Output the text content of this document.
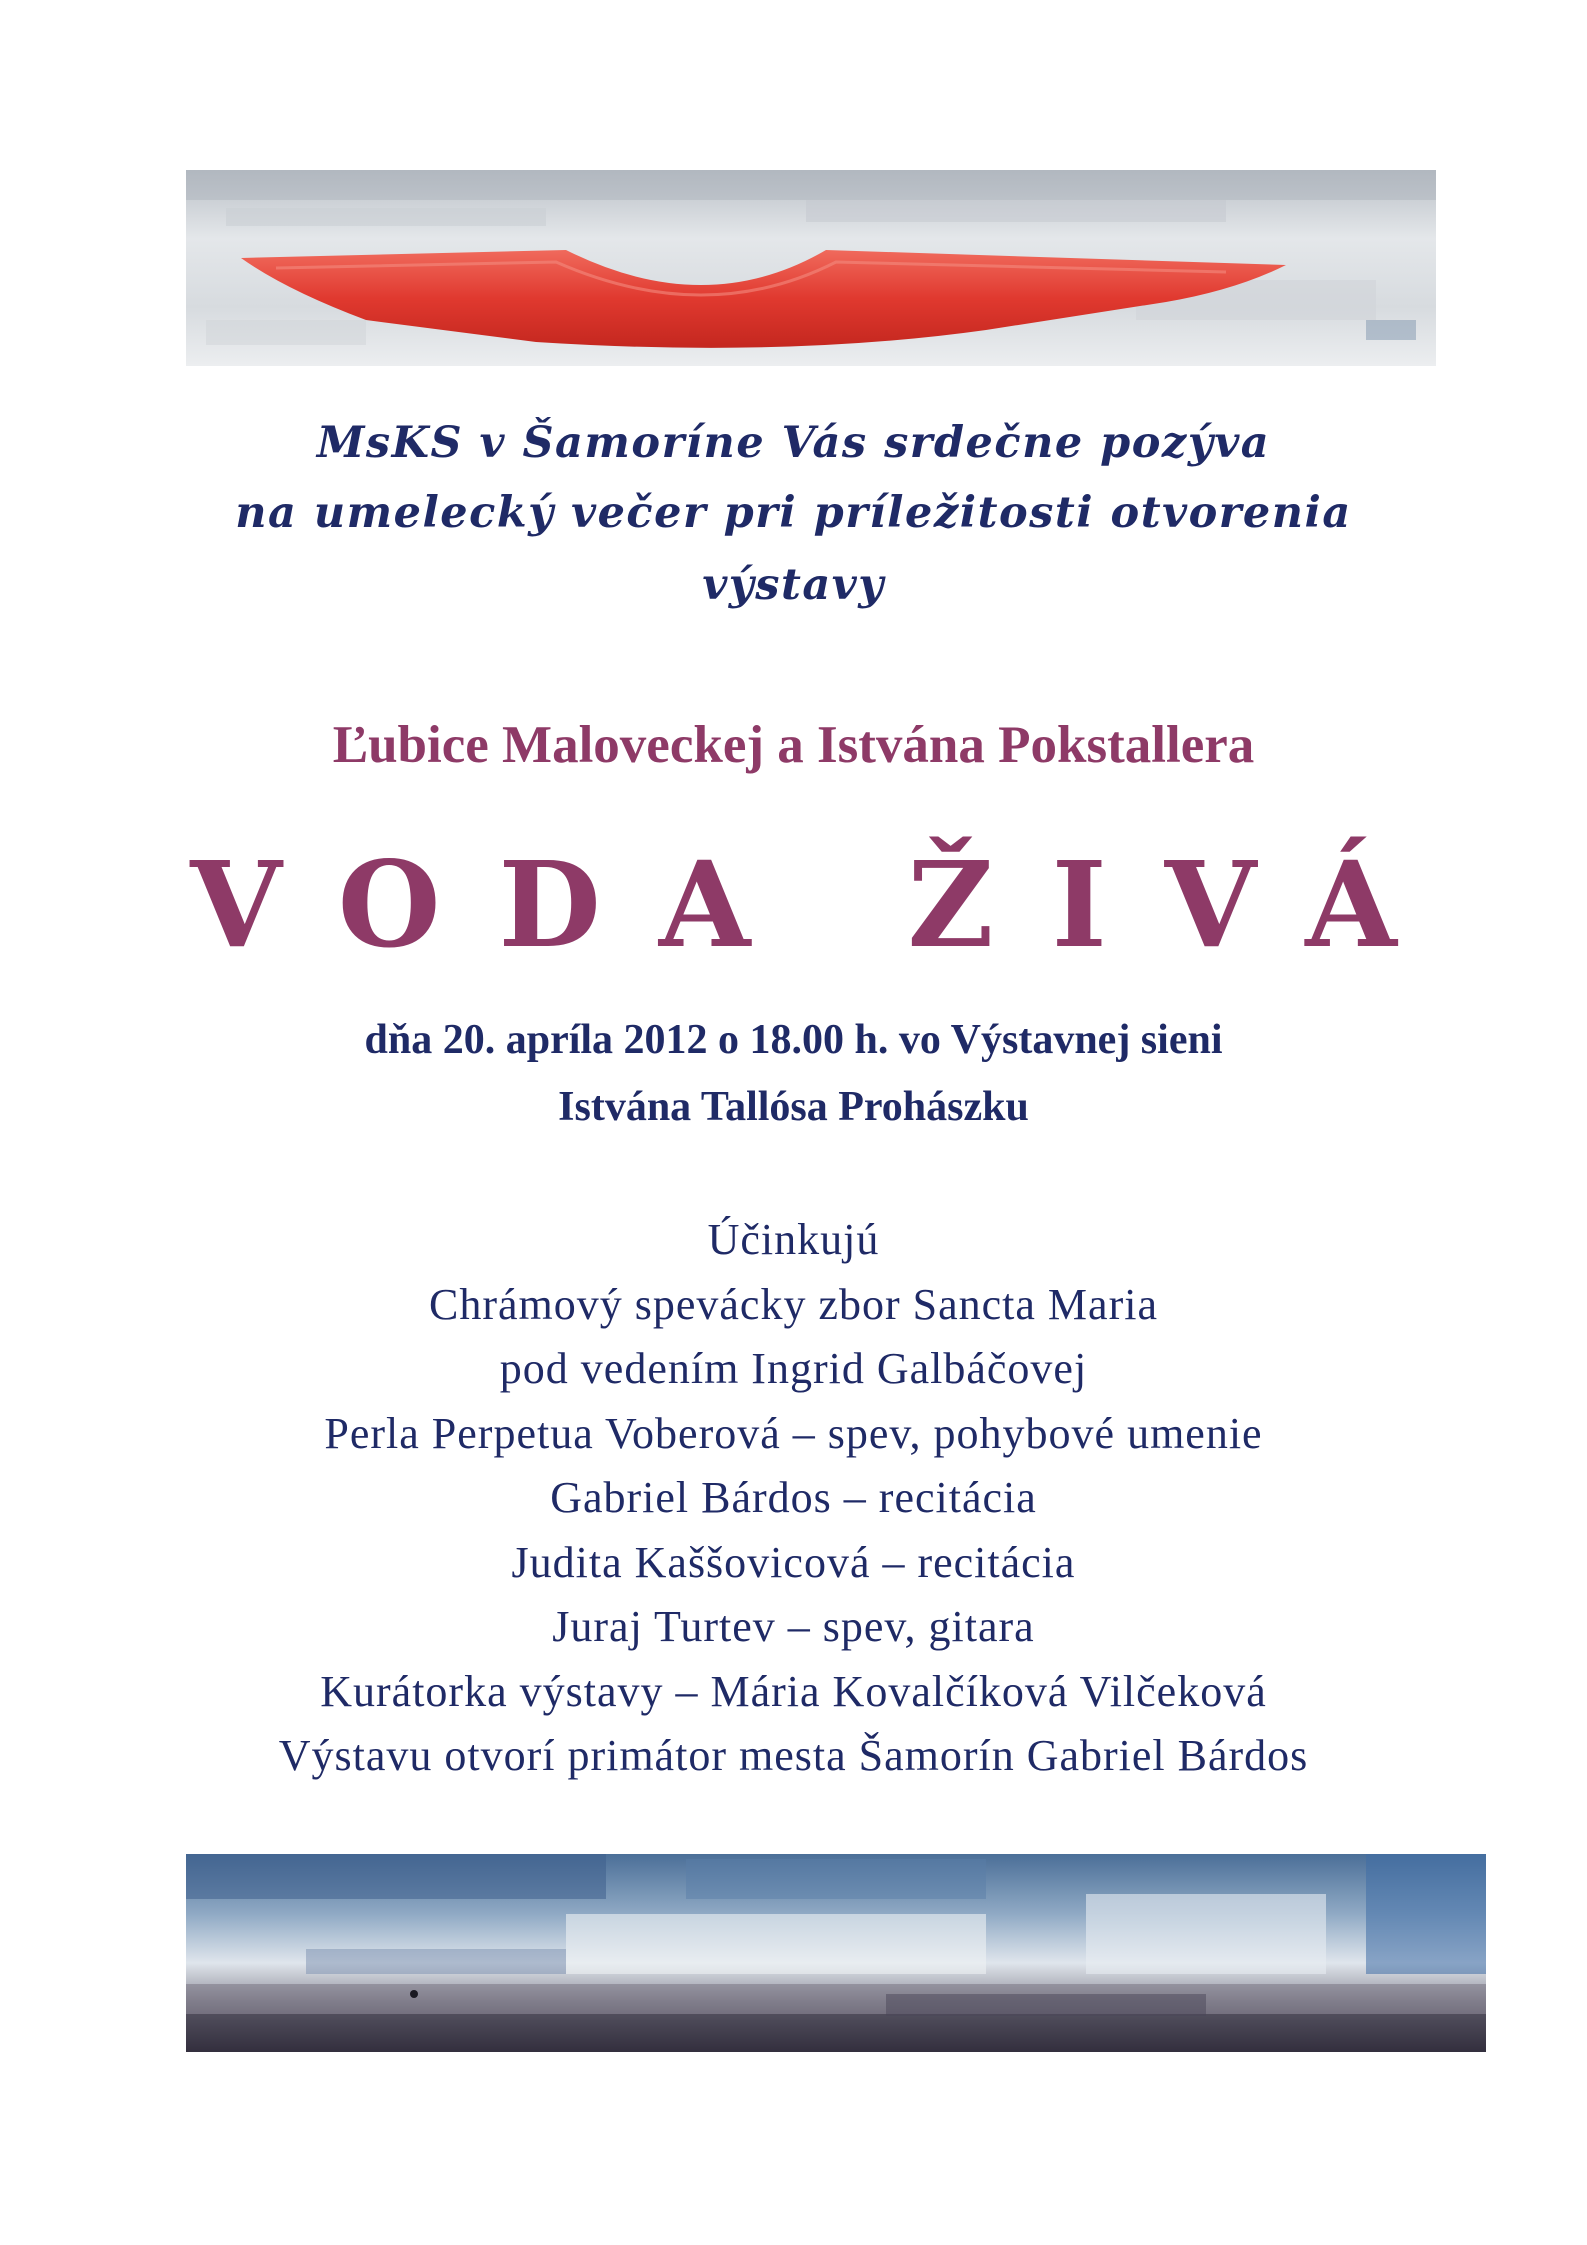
MsKS v Šamoríne Vás srdečne pozýva
na umelecký večer pri príležitosti otvorenia
výstavy
Ľubice Maloveckej a Istvána Pokstallera
VODA ŽIVÁ
dňa 20. apríla 2012 o 18.00 h. vo Výstavnej sieni
Istvána Tallósa Prohászku
Účinkujú
Chrámový spevácky zbor Sancta Maria
pod vedením Ingrid Galbáčovej
Perla Perpetua Voberová – spev, pohybové umenie
Gabriel Bárdos – recitácia
Judita Kaššovicová – recitácia
Juraj Turtev – spev, gitara
Kurátorka výstavy – Mária Kovalčíková Vilčeková
Výstavu otvorí primátor mesta Šamorín Gabriel Bárdos
